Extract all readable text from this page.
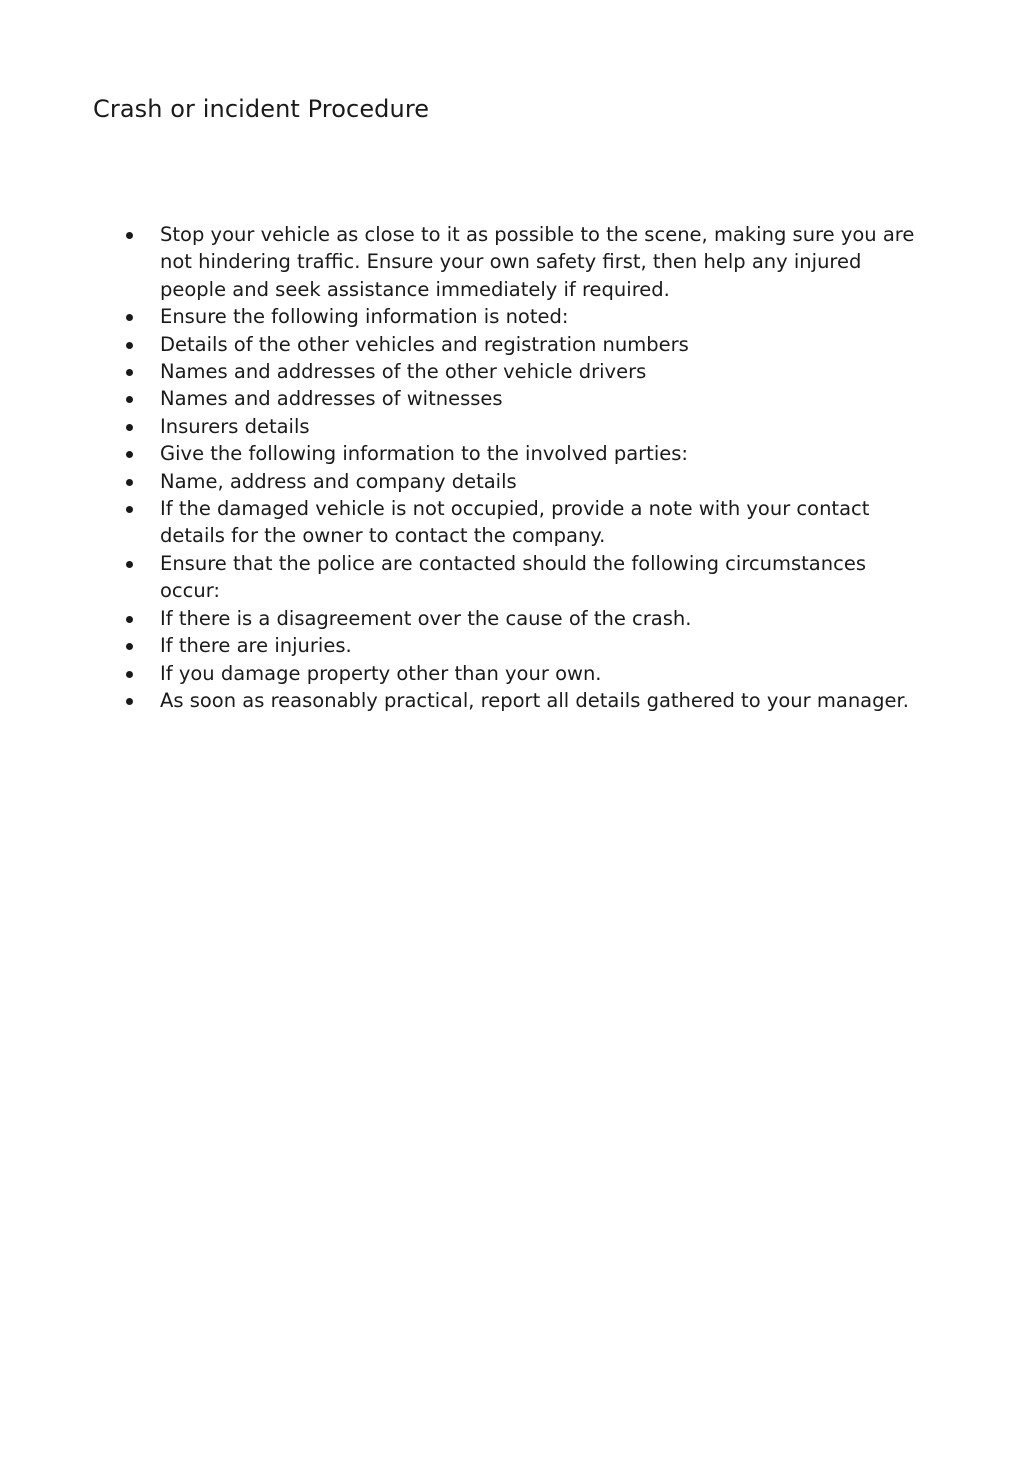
Crash or incident Procedure
Stop your vehicle as close to it as possible to the scene, making sure you are not hindering traffic. Ensure your own safety first, then help any injured people and seek assistance immediately if required.
Ensure the following information is noted:
Details of the other vehicles and registration numbers
Names and addresses of the other vehicle drivers
Names and addresses of witnesses
Insurers details
Give the following information to the involved parties:
Name, address and company details
If the damaged vehicle is not occupied, provide a note with your contact details for the owner to contact the company.
Ensure that the police are contacted should the following circumstances occur:
If there is a disagreement over the cause of the crash.
If there are injuries.
If you damage property other than your own.
As soon as reasonably practical, report all details gathered to your manager.
